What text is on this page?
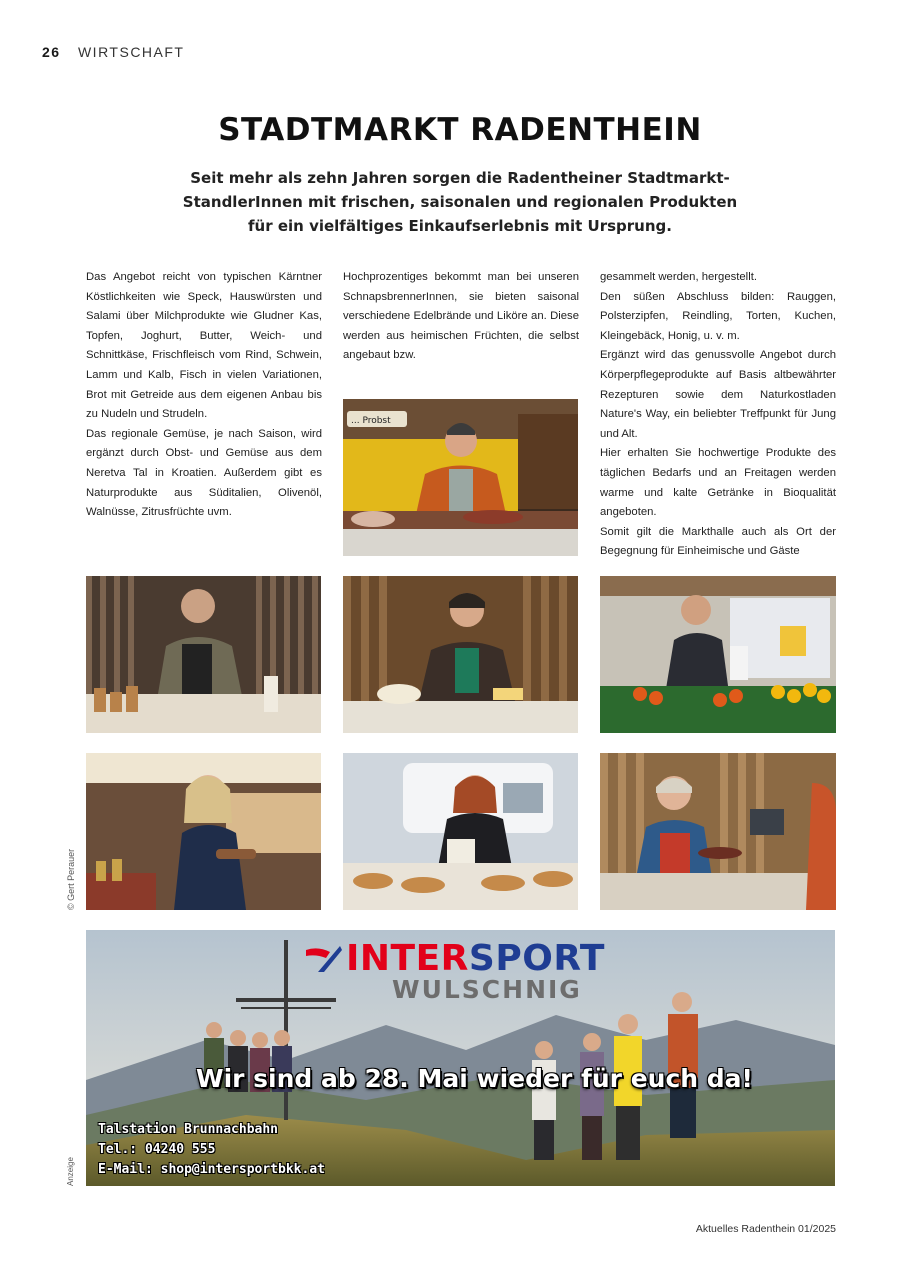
26 WIRTSCHAFT
STADTMARKT RADENTHEIN
Seit mehr als zehn Jahren sorgen die Radentheiner Stadtmarkt-StandlerInnen mit frischen, saisonalen und regionalen Produkten für ein vielfältiges Einkaufserlebnis mit Ursprung.

Das Angebot reicht von typischen Kärntner Köstlichkeiten wie Speck, Hauswürsten und Salami über Milchprodukte wie Gludner Kas, Topfen, Joghurt, Butter, Weich- und Schnittkäse, Frischfleisch vom Rind, Schwein, Lamm und Kalb, Fisch in vielen Variationen, Brot mit Getreide aus dem eigenen Anbau bis zu Nudeln und Strudeln.

Das regionale Gemüse, je nach Saison, wird ergänzt durch Obst- und Gemüse aus dem Neretva Tal in Kroatien. Außerdem gibt es Naturprodukte aus Süditalien, Olivenöl, Walnüsse, Zitrusfrüchte uvm.

Hochprozentiges bekommt man bei unseren SchnapsbrennerInnen, sie bieten saisonal verschiedene Edelbrände und Liköre an. Diese werden aus heimischen Früchten, die selbst angebaut bzw.

gesammelt werden, hergestellt.

Den süßen Abschluss bilden: Rauggen, Polsterzipfen, Reindling, Torten, Kuchen, Kleingebäck, Honig, u. v. m.

Ergänzt wird das genussvolle Angebot durch Körperpflegeprodukte auf Basis altbewährter Rezepturen sowie dem Naturkostladen Nature's Way, ein beliebter Treffpunkt für Jung und Alt.

Hier erhalten Sie hochwertige Produkte des täglichen Bedarfs und an Freitagen werden warme und kalte Getränke in Bioqualität angeboten.

Somit gilt die Markthalle auch als Ort der Begegnung für Einheimische und Gäste

... Probst
© Gert Perauer
INTER SPORT
WULSCHNIG
Wir sind ab 28. Mai wieder für euch da!
Talstation Brunnachbahn
Tel.: 04240 555
E-Mail: shop@intersportbkk.at
Anzeige
Aktuelles Radenthein 01/2025
